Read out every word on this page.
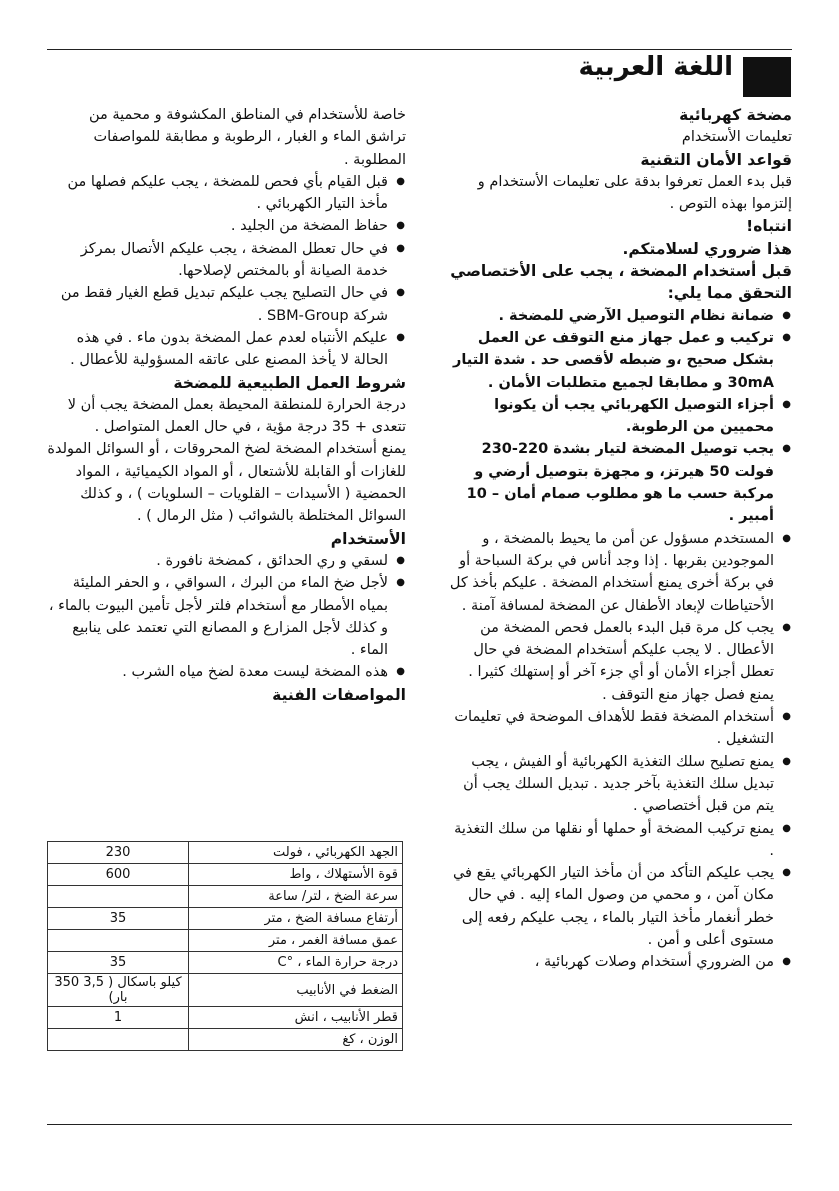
اللغة العربية

مضخة كهربائية

تعليمات الأستخدام

قواعد الأمان التقنية

قبل بدء العمل تعرفوا بدقة على تعليمات الأستخدام و إلتزموا بهذه التوص .

انتباه!

هذا ضروري لسلامتكم.

قبل أستخدام المضخة ، يجب على الأختصاصي التحقق مما يلي:

● ضمانة نظام التوصيل الآرضي للمضخة .
● تركيب و عمل جهاز منع التوقف عن العمل بشكل صحيح ،و ضبطه لأقصى حد . شدة التيار 30mA و مطابقا لجميع متطلبات الأمان .
● أجزاء التوصيل الكهربائي يجب أن يكونوا محميين من الرطوبة.
● يجب توصيل المضخة لتيار بشدة 220-230 فولت 50 هيرتز، و مجهزة بتوصيل أرضي و مركبة حسب ما هو مطلوب صمام أمان – 10 أمبير .
● المستخدم مسؤول عن أمن ما يحيط بالمضخة ، و الموجودين بقربها . إذا وجد أناس في بركة السباحة أو في بركة أخرى يمنع أستخدام المضخة . عليكم بأخذ كل الأحتياطات لإبعاد الأطفال عن المضخة لمسافة آمنة .
● يجب كل مرة قبل البدء بالعمل فحص المضخة من الأعطال . لا يجب عليكم أستخدام المضخة في حال تعطل أجزاء الأمان أو أي جزء آخر أو إستهلك كثيرا . يمنع فصل جهاز منع التوقف .
● أستخدام المضخة فقط للأهداف الموضحة في تعليمات التشغيل .
● يمنع تصليح سلك التغذية الكهربائية أو الفيش ، يجب تبديل سلك التغذية بآخر جديد . تبديل السلك يجب أن يتم من قبل أختصاصي .
● يمنع تركيب المضخة أو حملها أو نقلها من سلك التغذية .
● يجب عليكم التأكد من أن مأخذ التيار الكهربائي يقع في مكان آمن ، و محمي من وصول الماء إليه . في حال خطر أنغمار مأخذ التيار بالماء ، يجب عليكم رفعه إلى مستوى أعلى و أمن .
● من الضروري أستخدام وصلات كهربائية ،

خاصة للأستخدام في المناطق المكشوفة و محمية من تراشق الماء و الغبار ، الرطوبة و مطابقة للمواصفات المطلوبة .

● قبل القيام بأي فحص للمضخة ، يجب عليكم فصلها من مأخذ التيار الكهربائي .
● حفاظ المضخة من الجليد .
● في حال تعطل المضخة ، يجب عليكم الأتصال بمركز خدمة الصيانة أو بالمختص لإصلاحها.
● في حال التصليح يجب عليكم تبديل قطع الغيار فقط من شركة SBM-Group .
● عليكم الأنتباه لعدم عمل المضخة بدون ماء . في هذه الحالة لا يأخذ المصنع على عاتقه المسؤولية للأعطال .

شروط العمل الطبيعية للمضخة

درجة الحرارة للمنطقة المحيطة بعمل المضخة يجب أن لا تتعدى + 35 درجة مؤية ، في حال العمل المتواصل .

يمنع أستخدام المضخة لضخ المحروقات ، أو السوائل المولدة للغازات أو القابلة للأشتعال ، أو المواد الكيميائية ، المواد الحمضية ( الأسيدات – القلويات – السلويات ) ، و كذلك السوائل المختلطة بالشوائب ( مثل الرمال ) .

الأستخدام

● لسقي و ري الحدائق ، كمضخة نافورة .
● لأجل ضخ الماء من البرك ، السواقي ، و الحفر المليئة بمياه الأمطار مع أستخدام فلتر لأجل تأمين البيوت بالماء ، و كذلك لأجل المزارع و المصانع التي تعتمد على ينابيع الماء .
● هذه المضخة ليست معدة لضخ مياه الشرب .

المواصفات الفنية

230	الجهد الكهربائي ، فولت
600	قوة الأستهلاك ، واط
	سرعة الضخ ، لتر/ ساعة
35	أرتفاع مسافة الضخ ، متر
	عمق مسافة الغمر ، متر
35	درجة حرارة الماء ، °C
350 كيلو باسكال ( 3,5 بار)	الضغط في الأنابيب
1	قطر الأنابيب ، انش
	الوزن ، كغ
